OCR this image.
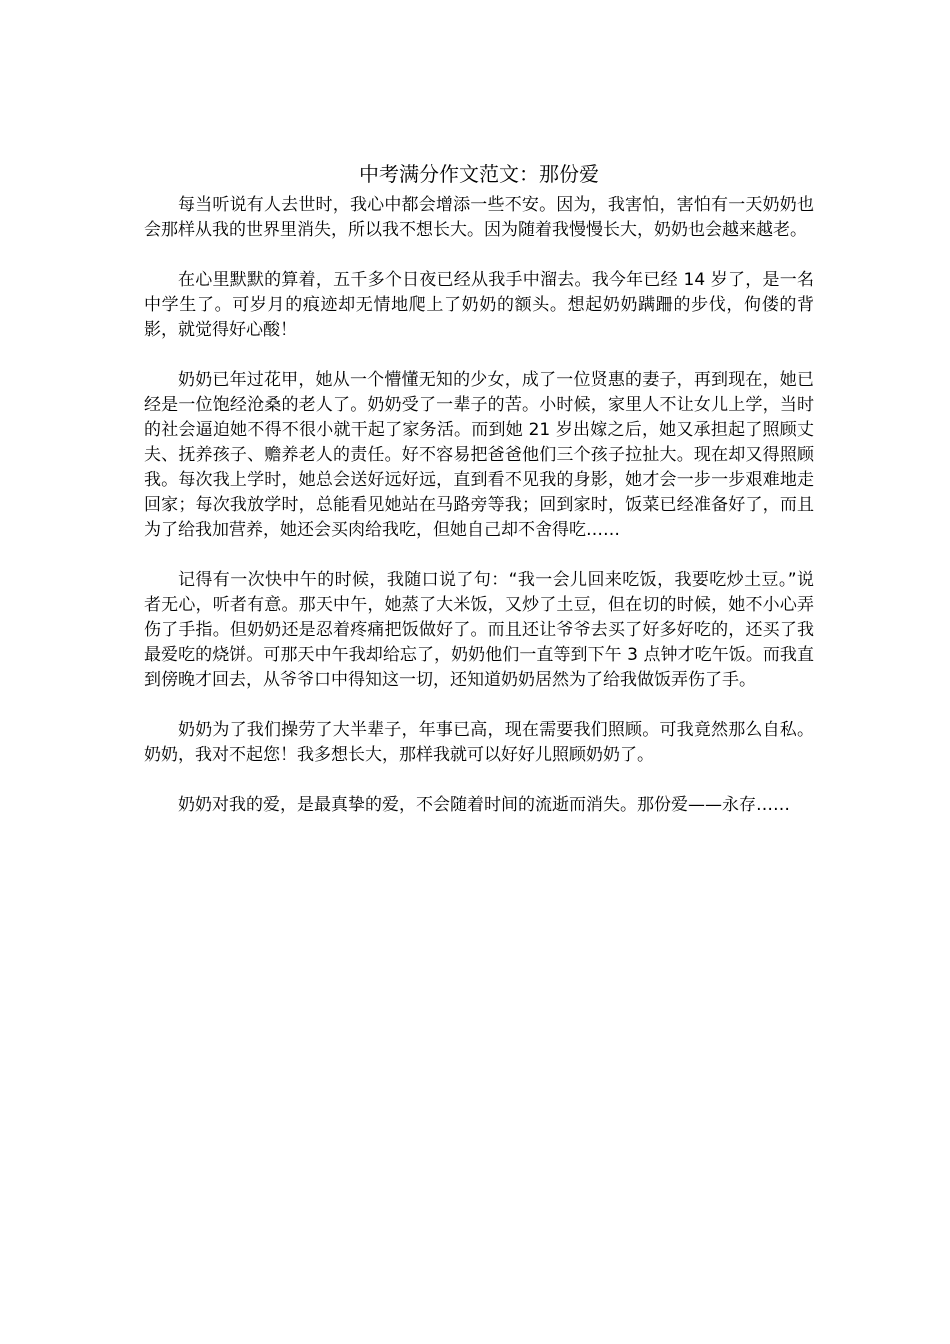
中考满分作文范文：那份爱

每当听说有人去世时，我心中都会增添一些不安。因为，我害怕，害怕有一天奶奶也会那样从我的世界里消失，所以我不想长大。因为随着我慢慢长大，奶奶也会越来越老。

在心里默默的算着，五千多个日夜已经从我手中溜去。我今年已经 14 岁了，是一名中学生了。可岁月的痕迹却无情地爬上了奶奶的额头。想起奶奶蹒跚的步伐，佝偻的背影，就觉得好心酸！

奶奶已年过花甲，她从一个懵懂无知的少女，成了一位贤惠的妻子，再到现在，她已经是一位饱经沧桑的老人了。奶奶受了一辈子的苦。小时候，家里人不让女儿上学，当时的社会逼迫她不得不很小就干起了家务活。而到她 21 岁出嫁之后，她又承担起了照顾丈夫、抚养孩子、赡养老人的责任。好不容易把爸爸他们三个孩子拉扯大。现在却又得照顾我。每次我上学时，她总会送好远好远，直到看不见我的身影，她才会一步一步艰难地走回家；每次我放学时，总能看见她站在马路旁等我；回到家时，饭菜已经准备好了，而且为了给我加营养，她还会买肉给我吃，但她自己却不舍得吃……

记得有一次快中午的时候，我随口说了句：“我一会儿回来吃饭，我要吃炒土豆。”说者无心，听者有意。那天中午，她蒸了大米饭，又炒了土豆，但在切的时候，她不小心弄伤了手指。但奶奶还是忍着疼痛把饭做好了。而且还让爷爷去买了好多好吃的，还买了我最爱吃的烧饼。可那天中午我却给忘了，奶奶他们一直等到下午 3 点钟才吃午饭。而我直到傍晚才回去，从爷爷口中得知这一切，还知道奶奶居然为了给我做饭弄伤了手。

奶奶为了我们操劳了大半辈子，年事已高，现在需要我们照顾。可我竟然那么自私。奶奶，我对不起您！我多想长大，那样我就可以好好儿照顾奶奶了。

奶奶对我的爱，是最真挚的爱，不会随着时间的流逝而消失。那份爱——永存……
